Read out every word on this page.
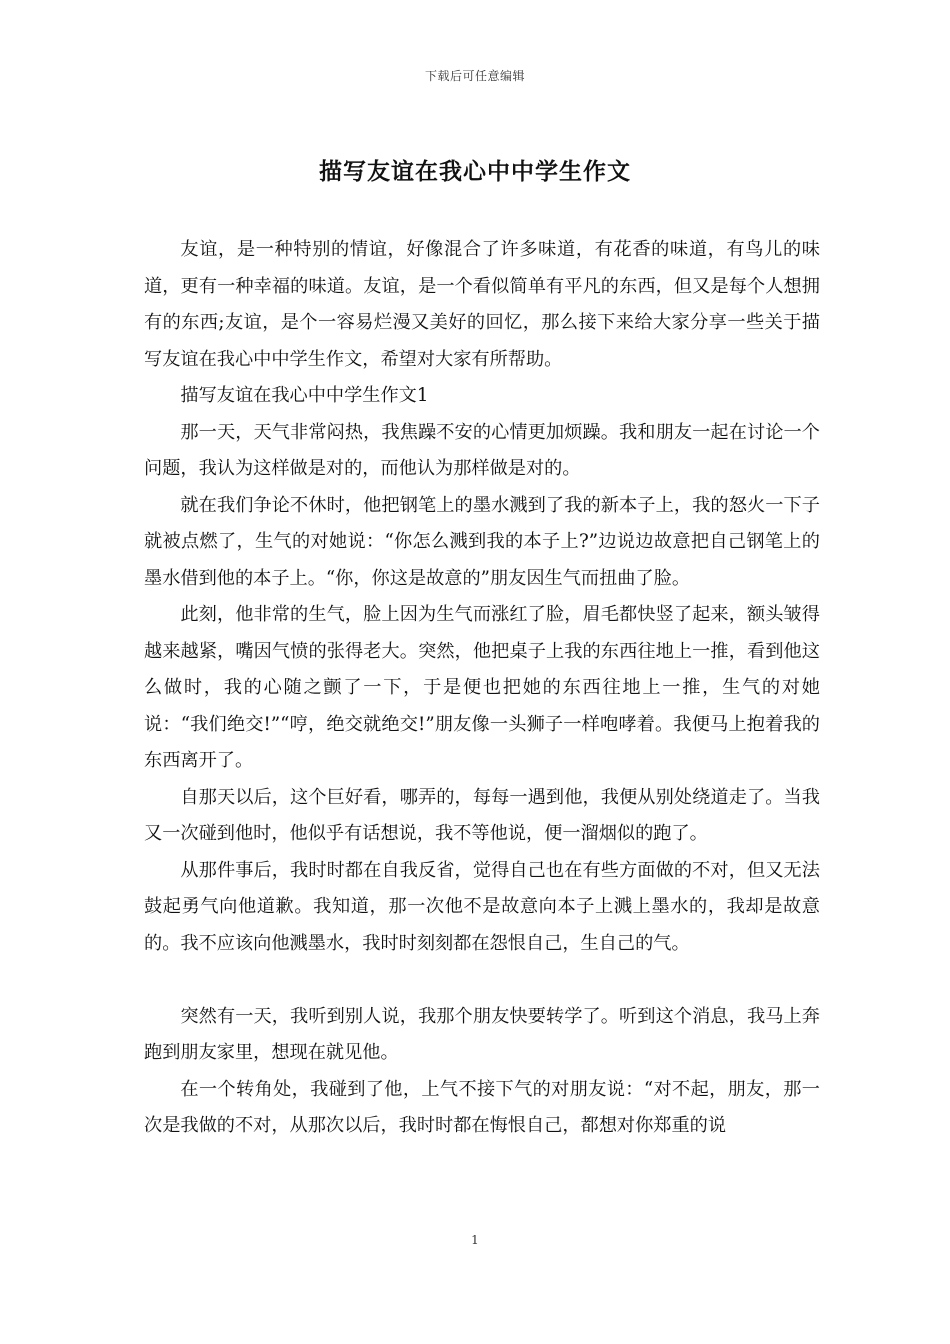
下载后可任意编辑
描写友谊在我心中中学生作文

友谊，是一种特别的情谊，好像混合了许多味道，有花香的味道，有鸟儿的味道，更有一种幸福的味道。友谊，是一个看似简单有平凡的东西，但又是每个人想拥有的东西;友谊，是个一容易烂漫又美好的回忆，那么接下来给大家分享一些关于描写友谊在我心中中学生作文，希望对大家有所帮助。

描写友谊在我心中中学生作文1

那一天，天气非常闷热，我焦躁不安的心情更加烦躁。我和朋友一起在讨论一个问题，我认为这样做是对的，而他认为那样做是对的。

就在我们争论不休时，他把钢笔上的墨水溅到了我的新本子上，我的怒火一下子就被点燃了，生气的对她说：“你怎么溅到我的本子上?”边说边故意把自己钢笔上的墨水借到他的本子上。“你，你这是故意的”朋友因生气而扭曲了脸。

此刻，他非常的生气，脸上因为生气而涨红了脸，眉毛都快竖了起来，额头皱得越来越紧，嘴因气愤的张得老大。突然，他把桌子上我的东西往地上一推，看到他这么做时，我的心随之颤了一下，于是便也把她的东西往地上一推，生气的对她说：“我们绝交!”“哼，绝交就绝交!”朋友像一头狮子一样咆哮着。我便马上抱着我的东西离开了。

自那天以后，这个巨好看，哪弄的，每每一遇到他，我便从别处绕道走了。当我又一次碰到他时，他似乎有话想说，我不等他说，便一溜烟似的跑了。

从那件事后，我时时都在自我反省，觉得自己也在有些方面做的不对，但又无法鼓起勇气向他道歉。我知道，那一次他不是故意向本子上溅上墨水的，我却是故意的。我不应该向他溅墨水，我时时刻刻都在怨恨自己，生自己的气。

突然有一天，我听到别人说，我那个朋友快要转学了。听到这个消息，我马上奔跑到朋友家里，想现在就见他。

在一个转角处，我碰到了他，上气不接下气的对朋友说：“对不起，朋友，那一次是我做的不对，从那次以后，我时时都在悔恨自己，都想对你郑重的说

1
